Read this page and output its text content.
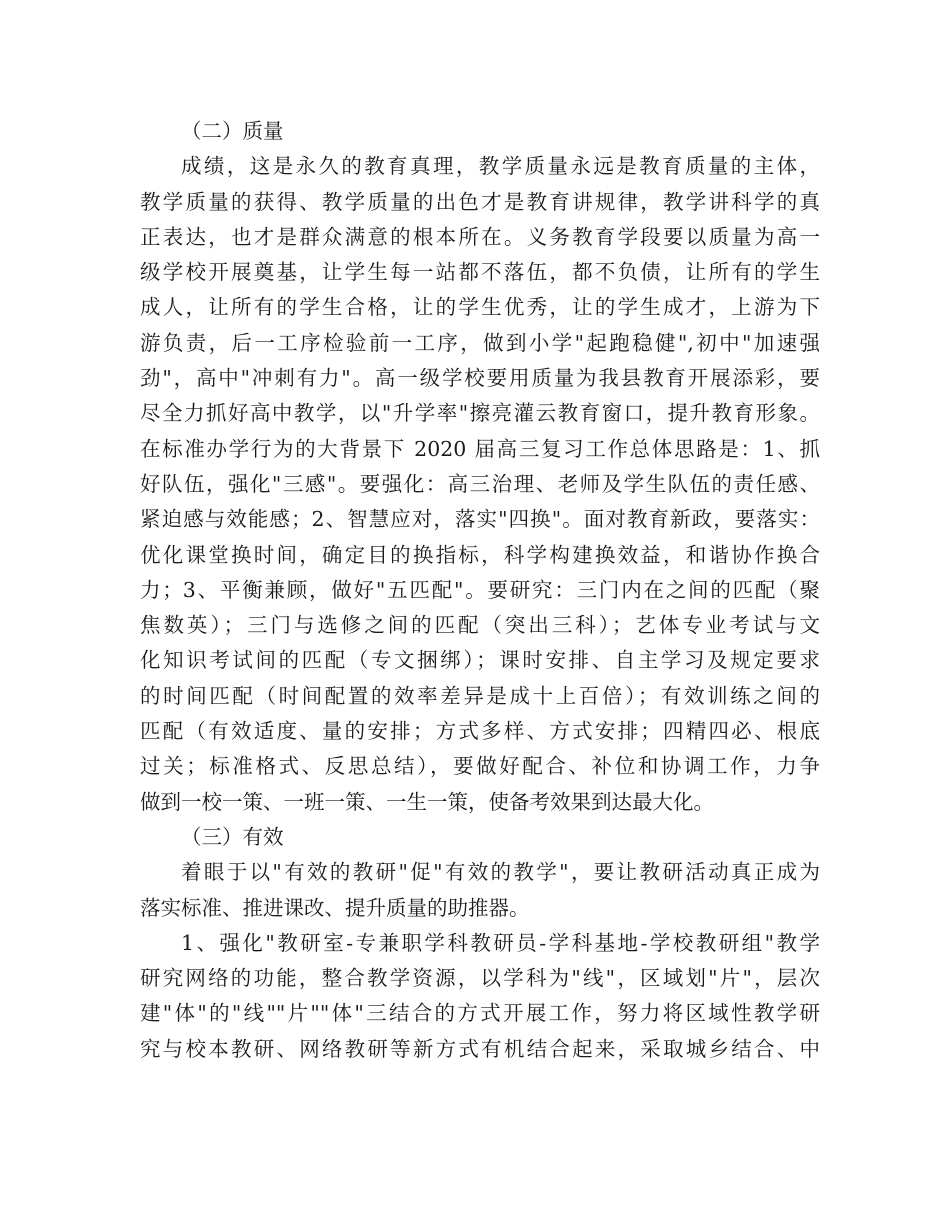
（二）质量
成绩，这是永久的教育真理，教学质量永远是教育质量的主体，
教学质量的获得、教学质量的出色才是教育讲规律，教学讲科学的真
正表达，也才是群众满意的根本所在。义务教育学段要以质量为高一
级学校开展奠基，让学生每一站都不落伍，都不负债，让所有的学生
成人，让所有的学生合格，让的学生优秀，让的学生成才，上游为下
游负责，后一工序检验前一工序，做到小学"起跑稳健",初中"加速强
劲"，高中"冲刺有力"。高一级学校要用质量为我县教育开展添彩，要
尽全力抓好高中教学，以"升学率"擦亮灌云教育窗口，提升教育形象。
在标准办学行为的大背景下 2020 届高三复习工作总体思路是：1、抓
好队伍，强化"三感"。要强化：高三治理、老师及学生队伍的责任感、
紧迫感与效能感；2、智慧应对，落实"四换"。面对教育新政，要落实：
优化课堂换时间，确定目的换指标，科学构建换效益，和谐协作换合
力；3、平衡兼顾，做好"五匹配"。要研究：三门内在之间的匹配（聚
焦数英）；三门与选修之间的匹配（突出三科）；艺体专业考试与文
化知识考试间的匹配（专文捆绑）；课时安排、自主学习及规定要求
的时间匹配（时间配置的效率差异是成十上百倍）；有效训练之间的
匹配（有效适度、量的安排；方式多样、方式安排；四精四必、根底
过关；标准格式、反思总结），要做好配合、补位和协调工作，力争
做到一校一策、一班一策、一生一策，使备考效果到达最大化。
（三）有效
着眼于以"有效的教研"促"有效的教学"，要让教研活动真正成为
落实标准、推进课改、提升质量的助推器。
1、强化"教研室-专兼职学科教研员-学科基地-学校教研组"教学
研究网络的功能，整合教学资源，以学科为"线"，区域划"片"，层次
建"体"的"线""片""体"三结合的方式开展工作，努力将区域性教学研
究与校本教研、网络教研等新方式有机结合起来，采取城乡结合、中
